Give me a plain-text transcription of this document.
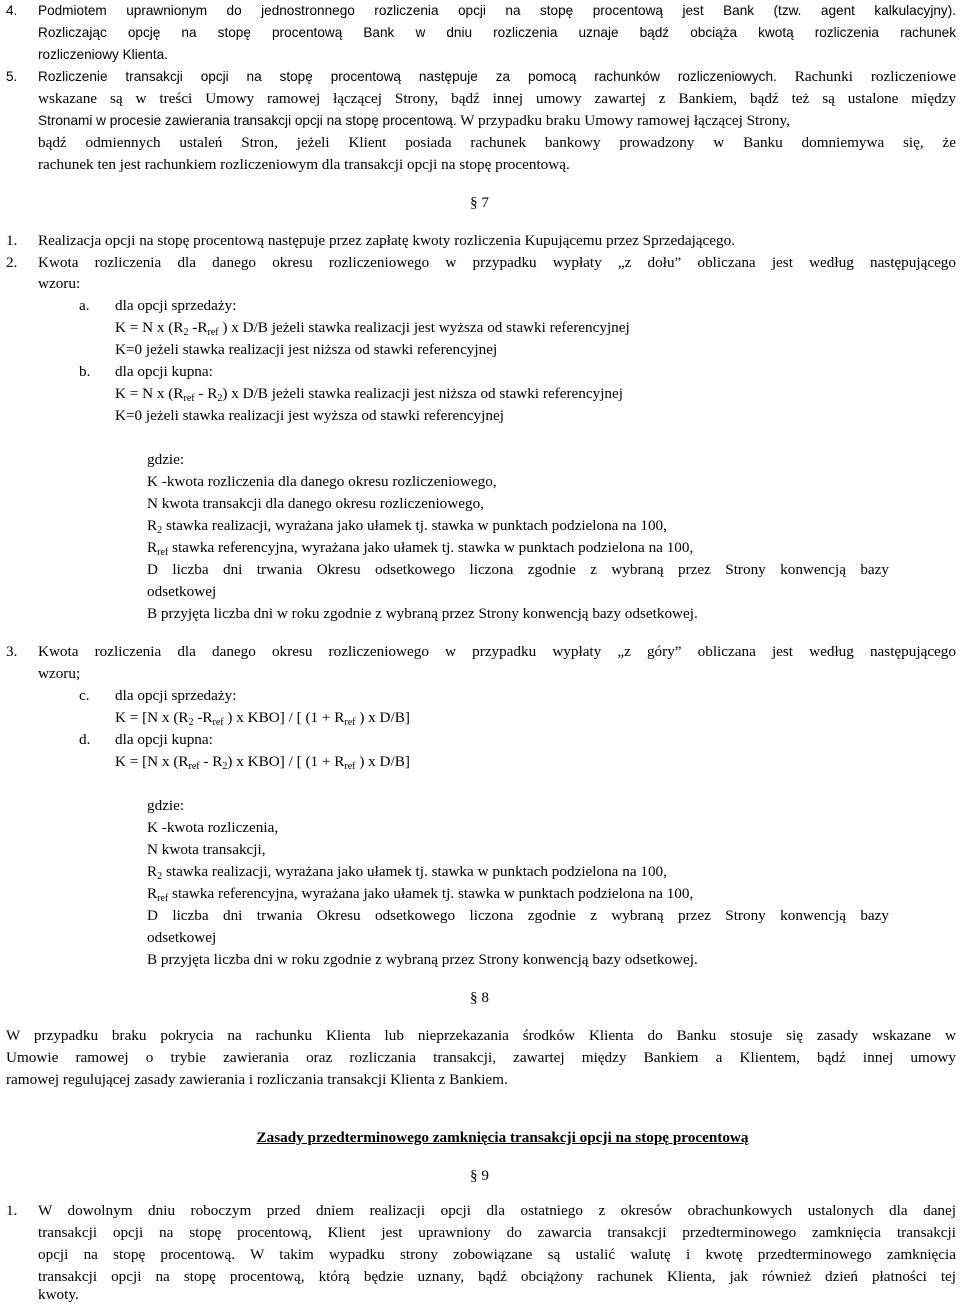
4. Podmiotem uprawnionym do jednostronnego rozliczenia opcji na stopę procentową jest Bank (tzw. agent kalkulacyjny).
Rozliczając opcję na stopę procentową Bank w dniu rozliczenia uznaje bądź obciąża kwotą rozliczenia rachunek
rozliczeniowy Klienta.
5. Rozliczenie transakcji opcji na stopę procentową następuje za pomocą rachunków rozliczeniowych. Rachunki rozliczeniowe
wskazane są w treści Umowy ramowej łączącej Strony, bądź innej umowy zawartej z Bankiem, bądź też są ustalone między
Stronami w procesie zawierania transakcji opcji na stopę procentową. W przypadku braku Umowy ramowej łączącej Strony,
bądź odmiennych ustaleń Stron, jeżeli Klient posiada rachunek bankowy prowadzony w Banku domniemywa się, że
rachunek ten jest rachunkiem rozliczeniowym dla transakcji opcji na stopę procentową.
§ 7
1. Realizacja opcji na stopę procentową następuje przez zapłatę kwoty rozliczenia Kupującemu przez Sprzedającego.
2. Kwota rozliczenia dla danego okresu rozliczeniowego w przypadku wypłaty „z dołu” obliczana jest według następującego
wzoru:
a. dla opcji sprzedaży:
K = N x ($R_2$ $-R_{ref}$ ) x D/B jeżeli stawka realizacji jest wyższa od stawki referencyjnej
K=0 jeżeli stawka realizacji jest niższa od stawki referencyjnej
b. dla opcji kupna:
K = N x $(R_{ref} - R_2)$ x D/B jeżeli stawka realizacji jest niższa od stawki referencyjnej
K=0 jeżeli stawka realizacji jest wyższa od stawki referencyjnej
gdzie:
K -kwota rozliczenia dla danego okresu rozliczeniowego,
N kwota transakcji dla danego okresu rozliczeniowego,
$R_2$ stawka realizacji, wyrażana jako ułamek tj. stawka w punktach podzielona na 100,
$R_{ref}$ stawka referencyjna, wyrażana jako ułamek tj. stawka w punktach podzielona na 100,
D liczba dni trwania Okresu odsetkowego liczona zgodnie z wybraną przez Strony konwencją bazy
odsetkowej
B przyjęta liczba dni w roku zgodnie z wybraną przez Strony konwencją bazy odsetkowej.
3. Kwota rozliczenia dla danego okresu rozliczeniowego w przypadku wypłaty „z góry” obliczana jest według następującego
wzoru;
c. dla opcji sprzedaży:
K = [N x ($R_2$ $-R_{ref}$ ) x KBO] / [ ($1 + R_{ref}$ ) x D/B]
d. dla opcji kupna:
K = [N x $(R_{ref} - R_2)$ x KBO] / [ ($1 + R_{ref}$ ) x D/B]
gdzie:
K -kwota rozliczenia,
N kwota transakcji,
$R_2$ stawka realizacji, wyrażana jako ułamek tj. stawka w punktach podzielona na 100,
$R_{ref}$ stawka referencyjna, wyrażana jako ułamek tj. stawka w punktach podzielona na 100,
D liczba dni trwania Okresu odsetkowego liczona zgodnie z wybraną przez Strony konwencją bazy
odsetkowej
B przyjęta liczba dni w roku zgodnie z wybraną przez Strony konwencją bazy odsetkowej.
§ 8
W przypadku braku pokrycia na rachunku Klienta lub nieprzekazania środków Klienta do Banku stosuje się zasady wskazane w
Umowie ramowej o trybie zawierania oraz rozliczania transakcji, zawartej między Bankiem a Klientem, bądź innej umowy
ramowej regulującej zasady zawierania i rozliczania transakcji Klienta z Bankiem.
Zasady przedterminowego zamknięcia transakcji opcji na stopę procentową
§ 9
1. W dowolnym dniu roboczym przed dniem realizacji opcji dla ostatniego z okresów obrachunkowych ustalonych dla danej
transakcji opcji na stopę procentową, Klient jest uprawniony do zawarcia transakcji przedterminowego zamknięcia transakcji
opcji na stopę procentową. W takim wypadku strony zobowiązane są ustalić walutę i kwotę przedterminowego zamknięcia
transakcji opcji na stopę procentową, którą będzie uznany, bądź obciążony rachunek Klienta, jak również dzień płatności tej
kwoty.
